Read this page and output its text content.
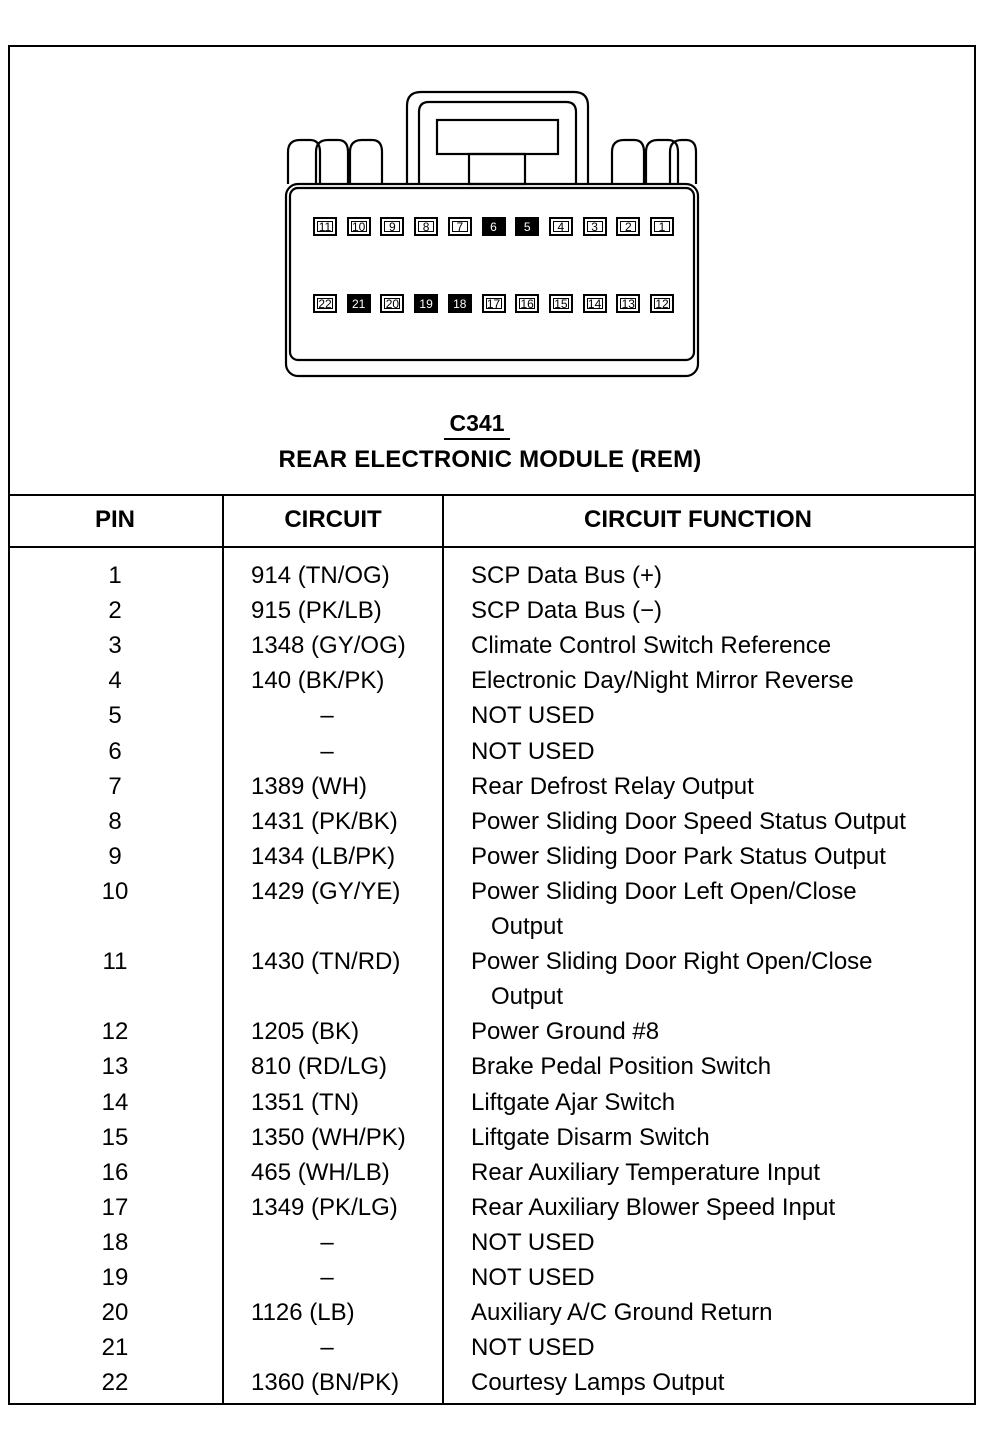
11 10 9 8 7 6 5 4 3 2 1
22 21 20 19 18 17 16 15 14 13 12
C341
REAR ELECTRONIC MODULE (REM)
PIN	CIRCUIT	CIRCUIT FUNCTION
1	914 (TN/OG)	SCP Data Bus (+)
2	915 (PK/LB)	SCP Data Bus (−)
3	1348 (GY/OG)	Climate Control Switch Reference
4	140 (BK/PK)	Electronic Day/Night Mirror Reverse
5	–	NOT USED
6	–	NOT USED
7	1389 (WH)	Rear Defrost Relay Output
8	1431 (PK/BK)	Power Sliding Door Speed Status Output
9	1434 (LB/PK)	Power Sliding Door Park Status Output
10	1429 (GY/YE)	Power Sliding Door Left Open/Close
Output
11	1430 (TN/RD)	Power Sliding Door Right Open/Close
Output
12	1205 (BK)	Power Ground #8
13	810 (RD/LG)	Brake Pedal Position Switch
14	1351 (TN)	Liftgate Ajar Switch
15	1350 (WH/PK)	Liftgate Disarm Switch
16	465 (WH/LB)	Rear Auxiliary Temperature Input
17	1349 (PK/LG)	Rear Auxiliary Blower Speed Input
18	–	NOT USED
19	–	NOT USED
20	1126 (LB)	Auxiliary A/C Ground Return
21	–	NOT USED
22	1360 (BN/PK)	Courtesy Lamps Output
